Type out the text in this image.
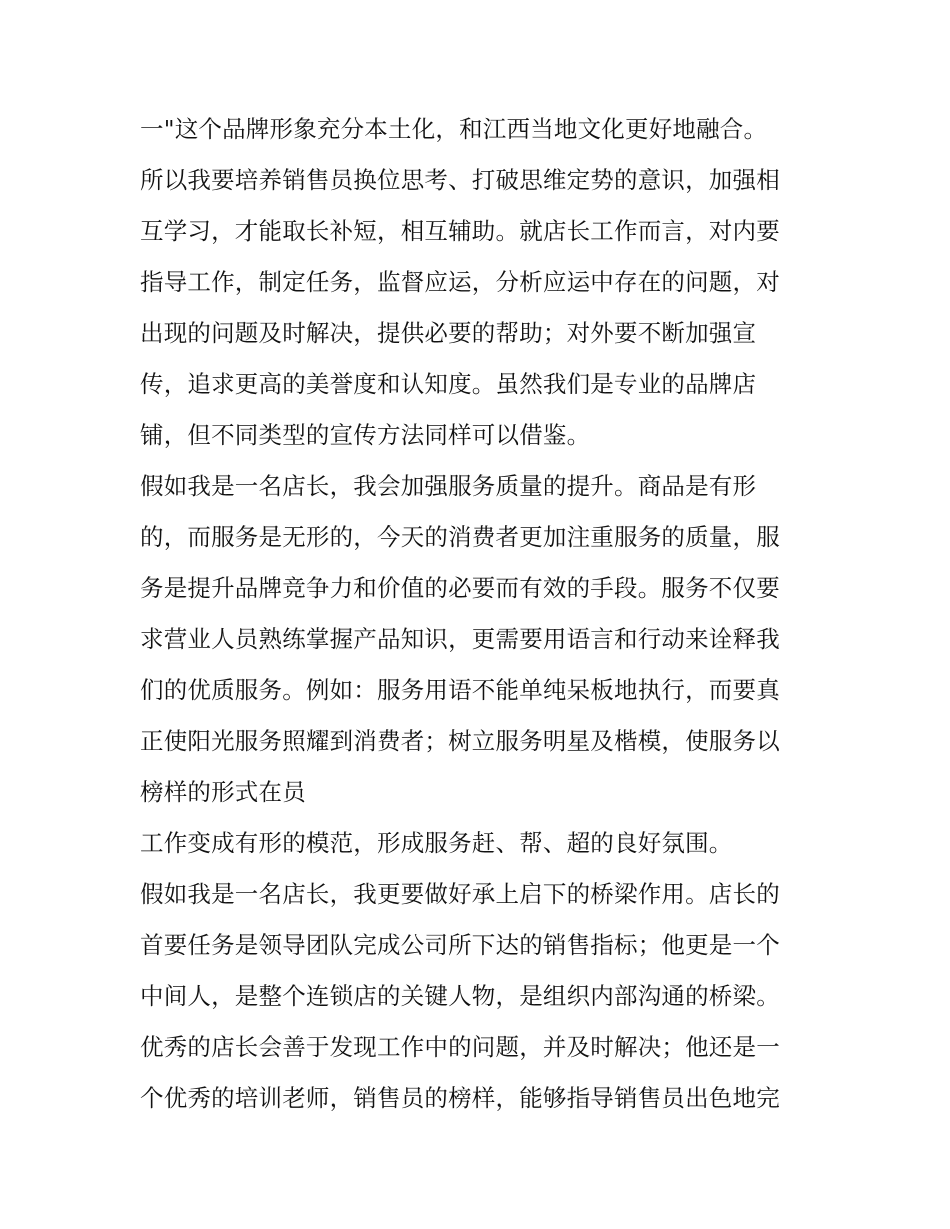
一"这个品牌形象充分本土化，和江西当地文化更好地融合。
所以我要培养销售员换位思考、打破思维定势的意识，加强相
互学习，才能取长补短，相互辅助。就店长工作而言，对内要
指导工作，制定任务，监督应运，分析应运中存在的问题，对
出现的问题及时解决，提供必要的帮助；对外要不断加强宣
传，追求更高的美誉度和认知度。虽然我们是专业的品牌店
铺，但不同类型的宣传方法同样可以借鉴。
假如我是一名店长，我会加强服务质量的提升。商品是有形
的，而服务是无形的，今天的消费者更加注重服务的质量，服
务是提升品牌竞争力和价值的必要而有效的手段。服务不仅要
求营业人员熟练掌握产品知识，更需要用语言和行动来诠释我
们的优质服务。例如：服务用语不能单纯呆板地执行，而要真
正使阳光服务照耀到消费者；树立服务明星及楷模，使服务以
榜样的形式在员
工作变成有形的模范，形成服务赶、帮、超的良好氛围。
假如我是一名店长，我更要做好承上启下的桥梁作用。店长的
首要任务是领导团队完成公司所下达的销售指标；他更是一个
中间人，是整个连锁店的关键人物，是组织内部沟通的桥梁。
优秀的店长会善于发现工作中的问题，并及时解决；他还是一
个优秀的培训老师，销售员的榜样，能够指导销售员出色地完
